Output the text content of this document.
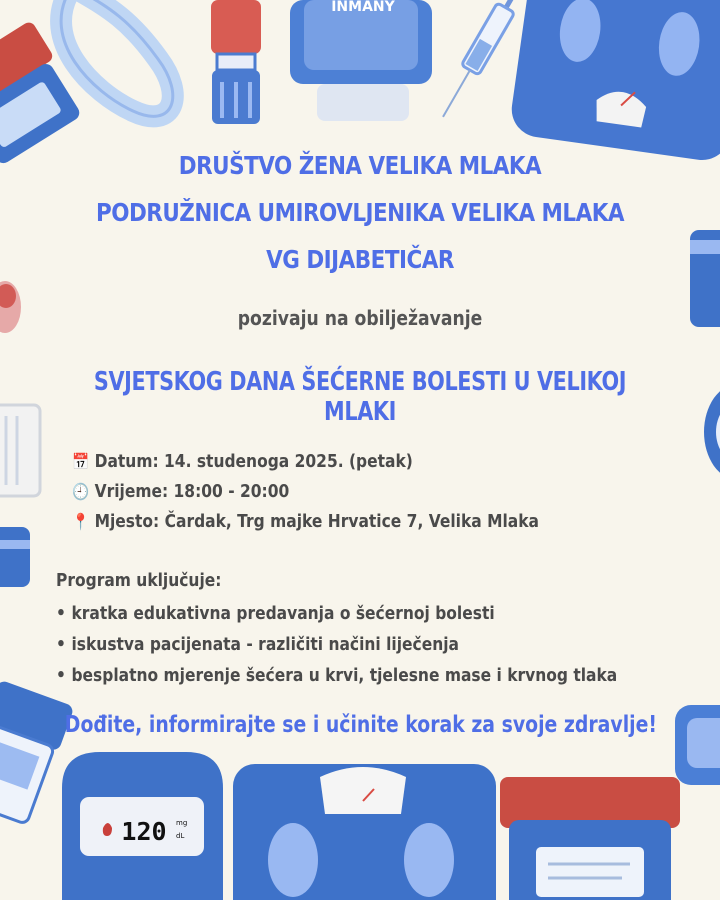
INMANY
120 mg
dL
DRUŠTVO ŽENA VELIKA MLAKA
PODRUŽNICA UMIROVLJENIKA VELIKA MLAKA
VG DIJABETIČAR
pozivaju na obilježavanje
SVJETSKOG DANA ŠEĆERNE BOLESTI U VELIKOJ MLAKI
📅 Datum: 14. studenoga 2025. (petak)
🕘 Vrijeme: 18:00 - 20:00
📍 Mjesto: Čardak, Trg majke Hrvatice 7, Velika Mlaka
Program uključuje:
• kratka edukativna predavanja o šećernoj bolesti
• iskustva pacijenata - različiti načini liječenja
• besplatno mjerenje šećera u krvi, tjelesne mase i krvnog tlaka
Dođite, informirajte se i učinite korak za svoje zdravlje!
